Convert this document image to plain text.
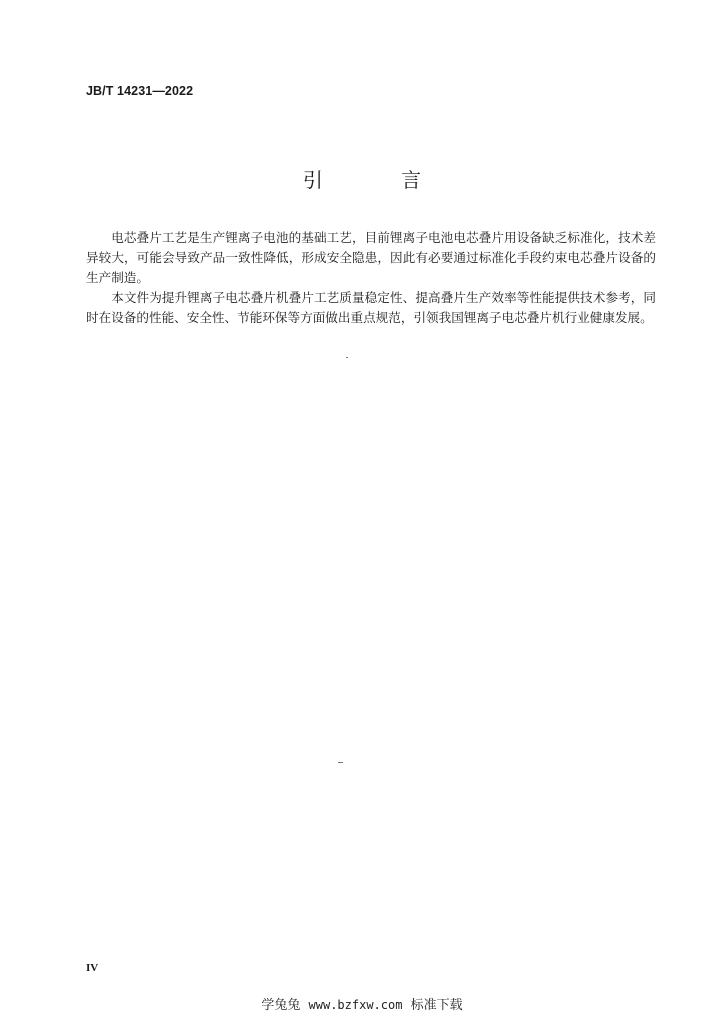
JB/T 14231—2022
引 言

电芯叠片工艺是生产锂离子电池的基础工艺，目前锂离子电池电芯叠片用设备缺乏标准化，技术差异较大，可能会导致产品一致性降低，形成安全隐患，因此有必要通过标准化手段约束电芯叠片设备的生产制造。

本文件为提升锂离子电芯叠片机叠片工艺质量稳定性、提高叠片生产效率等性能提供技术参考，同时在设备的性能、安全性、节能环保等方面做出重点规范，引领我国锂离子电芯叠片机行业健康发展。

IV
学兔兔 www.bzfxw.com 标准下载
